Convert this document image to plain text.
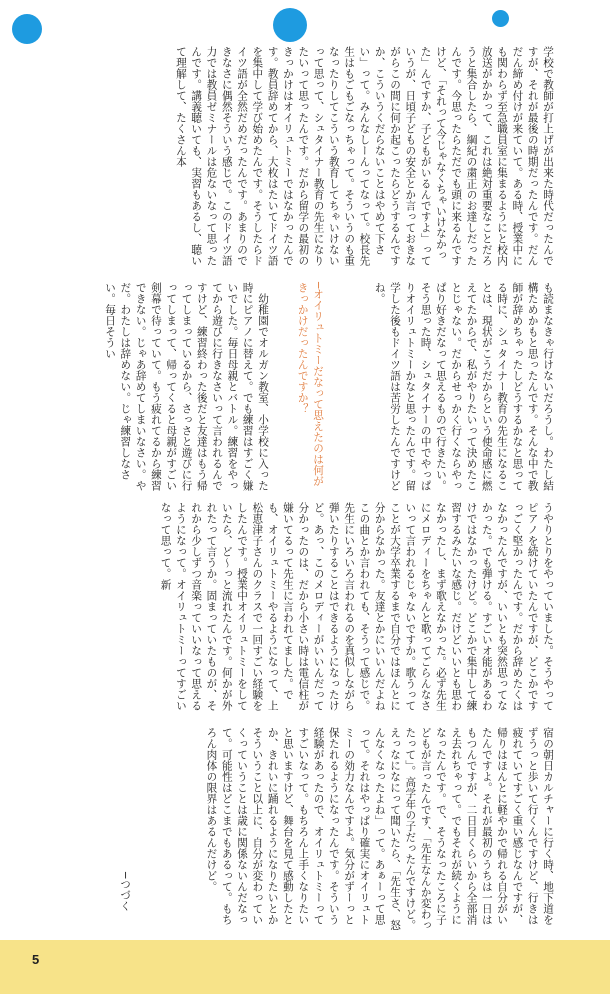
学校で教師が打上げが出来た時代だったんですが、それが最後の時期だったんです。だんだん締め付けが来ていて。ある時、授業中にも関わらず至急職員室に集まるようにと校内放送がかかって、これは絶対重要なことだろうと集合したら、綱紀の粛正のお達しだったんです。今思ったらただでも頭に来るんですけど、「それって今じゃなくちゃいけなかった」んですか、子どもがいるんですよ」っていうが、日頃子どもの安全とか言っておきながらこの間に何か起こったらどうするんですか、こういうくだらないことはやめて下さい」って。みんなしーんってなって。校長先生はもごもごなっちゃって。そういうのも重なったりしてこういう教育してちゃいけないって思って、シュタイナー教育の先生になりたいって思ったんです。だから留学の最初のきっかけはオイリュトミーではなかったんです。教員辞めてから、大枚はたいてドイツ語を集中して学び始めたんです。そうしたらドイツ語が全然だめだったんです。あまりのできなさに偶然そういう感じで。このドイツ語力では教員ゼミナールは危ないなって思ったんです。講義聴いても、実習もあるし、聴いて理解して、たくさん本
も読まなきゃ行けないだろうし。わたし結構ためかもと思ったんです。そんな中で教師が辞めちゃったしどうするかなと思ってる時に、シュタイナー教育の先生になることは、現状がこうだからという使命感に燃えてたからで、私がやりたいって決めたことじゃない。だからせっかく行くならやっぱり好きだなって思えるもので行きたい。そう思った時、シュタイナーの中でやっぱりオイリュトミーかなと思ったんです。留学した後もドイツ語は苦労したんですけどね。
─オイリュトミーだなって思えたのは何がきっかけだったんですか？
　幼稚園でオルガン教室、小学校に入った時にピアノに替えて。でも練習はすごく嫌いでした。毎日母親とバトル。練習をやってから遊びに行きなさいって言われるんですけど、練習終わった後だと友達はもう帰ってしまっているから、さっさと遊びに行ってしまって、帰ってくると母親がすごい剣幕で待っていて。もう疲れてるから練習できない。じゃあ辞めてしまいなさい。やだ。わたしは辞めない。じゃ練習しなさい。毎日そうい
うやりとりをやっていました。そうやってピアノを続けていたんですが、どこかですっごく堅かったんです。だから辞めたくはなかったんですが、いいとも突然思ってなかった。でも弾ける。すごいオ能があるわけではなかったけど。どこかで集中して練習するみたいな感じ。だけどいいとも思わなかったし、まず歌えなかった。必ず先生にメロディーをちゃんと歌ってごらんなさいって言われるじゃないですか。歌うってことが大学卒業するまで自分ではほんとに分からなかった。友達とかにいいんだよねこの曲とか言われても、そうって感じで。先生にいろいろ言われるのを真似しながら弾いたりすることはできるようになったけど。あっ、このメロディーがいいんだって分かったのは、だから小さい時は電信柱が嫌いてるって先生に言われてました。でも、オイリュトミーやるようになって、上松恵津子さんのクラスで一回すごい経験をしたんです。授業中オイリュトミーをしていたら、ど〜っと流れたんです。何かが外れたって言うか。固まっていたものが、それから少しずつ音楽っていいなって思えるようになって。オイリュトミーってすごいなって思って。新
宿の朝日カルチャーに行く時、地下道をずうっと歩いて行くんですけど、行きは疲れていてすごく重い感じなんですが、帰りはほんとに軽やかで帰れる自分がいたんですよ。それが最初のうちは一日はもつんですが、二日目くらいから全部消え去れちゃって。でもそれが続くようになったんです。で、そうなったころに子どもが言ったんです、「先生なんか変わったって」。高学年の子だったんですけど。えっなになにって聞いたら、「先生さ、怒んなくなったよね」って。あぁーって思って。それはやっぱり確実にオイリュトミーの効力なんですよ。気分がずーっと保たれるようになったんです。そういう経験があったので、オイリュトミーってすごいなって。もちろん上手くなりたいと思いますけど、舞台を見て感動したとか、きれいに踊れるようになりたいとかそういうこと以上に、自分が変わっていくっていうことは歳に関係ないんだなって。可能性はどこまでもあるって。もちろん肉体の限界はあるんだけど。
─つづく
5
